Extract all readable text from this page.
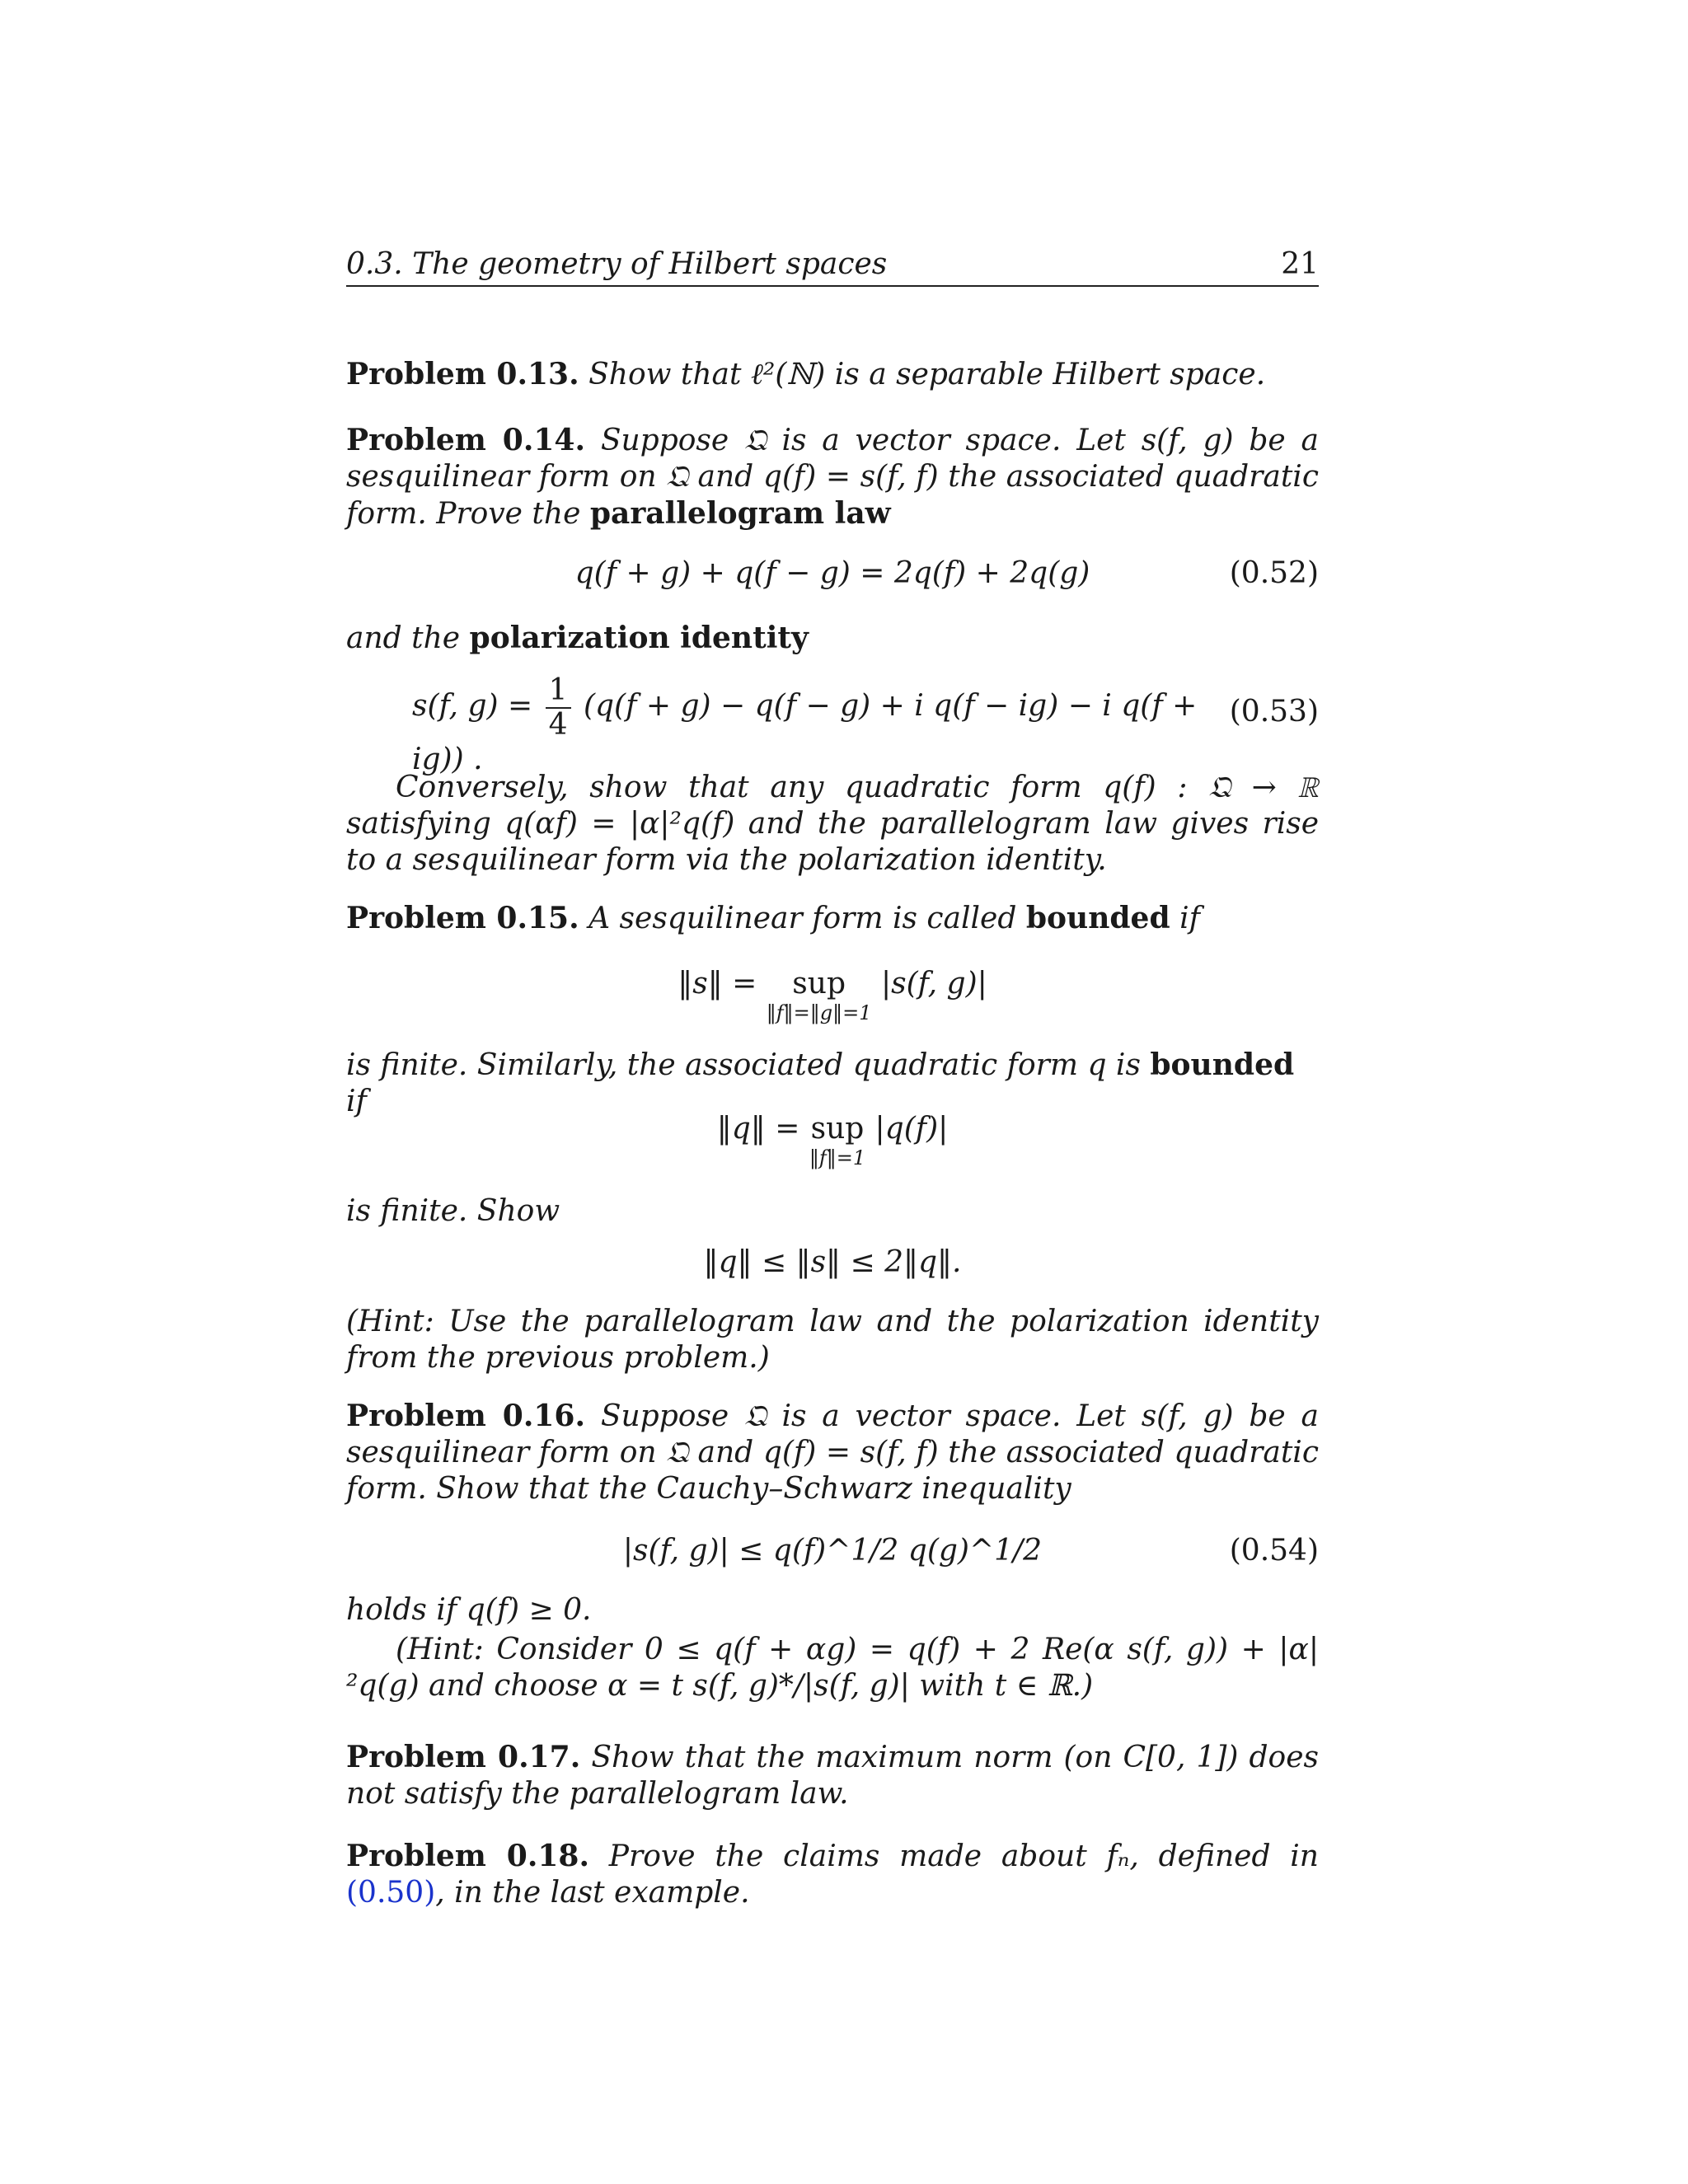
0.3. The geometry of Hilbert spaces	21
Problem 0.13. Show that ℓ²(ℕ) is a separable Hilbert space.
Problem 0.14. Suppose 𝔔 is a vector space. Let s(f, g) be a sesquilinear form on 𝔔 and q(f) = s(f, f) the associated quadratic form. Prove the parallelogram law
q(f + g) + q(f − g) = 2q(f) + 2q(g)	(0.52)
and the polarization identity
s(f, $g) = \frac{1}{4} (q(f + g) - q(f - g) + i$ q(f − ig) − i q(f + ig)) .
(0.53)
Conversely, show that any quadratic form q(f) : 𝔔 → ℝ satisfying q(αf) = |α|²q(f) and the parallelogram law gives rise to a sesquilinear form via the polarization identity.
Problem 0.15. A sesquilinear form is called bounded if
‖s‖ = sup
‖f‖=‖g‖=1
|s(f, g)|
is finite. Similarly, the associated quadratic form q is bounded if
‖q‖ = sup
‖f‖=1
|q(f)|
is finite. Show
‖q‖ ≤ ‖s‖ ≤ 2‖q‖.
(Hint: Use the parallelogram law and the polarization identity from the previous problem.)
Problem 0.16. Suppose 𝔔 is a vector space. Let s(f, g) be a sesquilinear form on 𝔔 and q(f) = s(f, f) the associated quadratic form. Show that the Cauchy–Schwarz inequality
|s(f, g)| ≤ q(f)^1/2 q(g)^1/2	(0.54)
holds if q(f) ≥ 0.
(Hint: Consider 0 ≤ q(f + αg) = q(f) + 2 Re(α s(f, g)) + |α|²q(g) and choose α = t s(f, g)*/|s(f, g)| with t ∈ ℝ.)
Problem 0.17. Show that the maximum norm (on C[0, 1]) does not satisfy the parallelogram law.
Problem 0.18. Prove the claims made about fₙ, defined in (0.50), in the last example.
